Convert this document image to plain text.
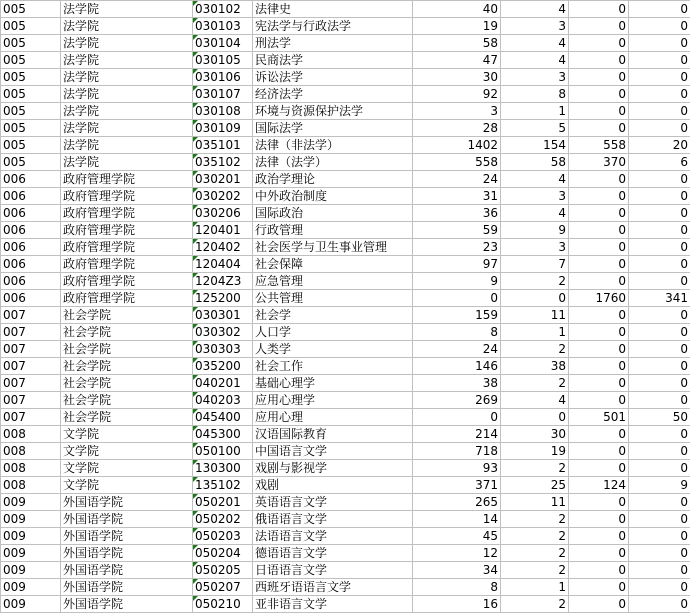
005	法学院	030102	法律史	40	4	0	0
005	法学院	030103	宪法学与行政法学	19	3	0	0
005	法学院	030104	刑法学	58	4	0	0
005	法学院	030105	民商法学	47	4	0	0
005	法学院	030106	诉讼法学	30	3	0	0
005	法学院	030107	经济法学	92	8	0	0
005	法学院	030108	环境与资源保护法学	3	1	0	0
005	法学院	030109	国际法学	28	5	0	0
005	法学院	035101	法律（非法学）	1402	154	558	20
005	法学院	035102	法律（法学）	558	58	370	6
006	政府管理学院	030201	政治学理论	24	4	0	0
006	政府管理学院	030202	中外政治制度	31	3	0	0
006	政府管理学院	030206	国际政治	36	4	0	0
006	政府管理学院	120401	行政管理	59	9	0	0
006	政府管理学院	120402	社会医学与卫生事业管理	23	3	0	0
006	政府管理学院	120404	社会保障	97	7	0	0
006	政府管理学院	1204Z3	应急管理	9	2	0	0
006	政府管理学院	125200	公共管理	0	0	1760	341
007	社会学院	030301	社会学	159	11	0	0
007	社会学院	030302	人口学	8	1	0	0
007	社会学院	030303	人类学	24	2	0	0
007	社会学院	035200	社会工作	146	38	0	0
007	社会学院	040201	基础心理学	38	2	0	0
007	社会学院	040203	应用心理学	269	4	0	0
007	社会学院	045400	应用心理	0	0	501	50
008	文学院	045300	汉语国际教育	214	30	0	0
008	文学院	050100	中国语言文学	718	19	0	0
008	文学院	130300	戏剧与影视学	93	2	0	0
008	文学院	135102	戏剧	371	25	124	9
009	外国语学院	050201	英语语言文学	265	11	0	0
009	外国语学院	050202	俄语语言文学	14	2	0	0
009	外国语学院	050203	法语语言文学	45	2	0	0
009	外国语学院	050204	德语语言文学	12	2	0	0
009	外国语学院	050205	日语语言文学	34	2	0	0
009	外国语学院	050207	西班牙语语言文学	8	1	0	0
009	外国语学院	050210	亚非语言文学	16	2	0	0
